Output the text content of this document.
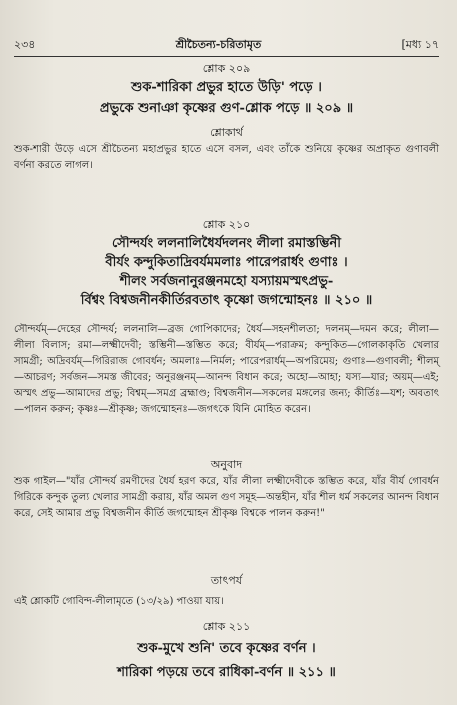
২৩৪	শ্রীচৈতন্য-চরিতামৃত	[মধ্য ১৭

শ্লোক ২০৯

শুক-শারিকা প্রভুর হাতে উড়ি' পড়ে ।

প্রভুকে শুনাঞা কৃষ্ণের গুণ-শ্লোক পড়ে ॥ ২০৯ ॥

শ্লোকার্থ

শুক-শারী উড়ে এসে শ্রীচৈতন্য মহাপ্রভুর হাতে এসে বসল, এবং তাঁকে শুনিয়ে কৃষ্ণের অপ্রাকৃত গুণাবলী বর্ণনা করতে লাগল।

শ্লোক ২১০

সৌন্দর্যং ললনালিধৈর্যদলনং লীলা রমাস্তম্ভিনী

বীর্যং কন্দুকিতাদ্রিবর্যমমলাঃ পারেপরার্ধং গুণাঃ ।

শীলং সর্বজনানুরঞ্জনমহো যস্যায়মস্মৎপ্রভু-

র্বিশ্বং বিশ্বজনীনকীর্তিরবতাৎ কৃষ্ণো জগন্মোহনঃ ॥ ২১০ ॥

সৌন্দর্যম্—দেহের সৌন্দর্য; ললনালি—ব্রজ গোপিকাদের; ধৈর্য—সহনশীলতা; দলনম্—দমন করে; লীলা—লীলা বিলাস; রমা—লক্ষ্মীদেবী; স্তম্ভিনী—স্তম্ভিত করে; বীর্যম্—পরাক্রম; কন্দুকিত—গোলকাকৃতি খেলার সামগ্রী; অদ্রিবর্যম্—গিরিরাজ গোবর্ধন; অমলাঃ—নির্মল; পারেপরার্ধম্—অপরিমেয়; গুণাঃ—গুণাবলী; শীলম্—আচরণ; সর্বজন—সমস্ত জীবের; অনুরঞ্জনম্—আনন্দ বিধান করে; অহো—আহা; যস্য—যার; অয়ম্—এই; অস্মৎ প্রভু—আমাদের প্রভু; বিশ্বম্—সমগ্র ব্রহ্মাণ্ড; বিশ্বজনীন—সকলের মঙ্গলের জন্য; কীর্তিঃ—যশ; অবতাৎ—পালন করুন; কৃষ্ণঃ—শ্রীকৃষ্ণ; জগন্মোহনঃ—জগৎকে যিনি মোহিত করেন।

অনুবাদ

শুক গাইল—"যাঁর সৌন্দর্য রমণীদের ধৈর্য হরণ করে, যাঁর লীলা লক্ষ্মীদেবীকে স্তম্ভিত করে, যাঁর বীর্য গোবর্ধন গিরিকে কন্দুক তুল্য খেলার সামগ্রী করায়, যাঁর অমল গুণ সমূহ—অন্তহীন, যাঁর শীল ধর্ম সকলের আনন্দ বিধান করে, সেই আমার প্রভু বিশ্বজনীন কীর্তি জগন্মোহন শ্রীকৃষ্ণ বিশ্বকে পালন করুন!"

তাৎপর্য

এই শ্লোকটি গোবিন্দ-লীলামৃতে (১৩/২৯) পাওয়া যায়।

শ্লোক ২১১

শুক-মুখে শুনি' তবে কৃষ্ণের বর্ণন ।

শারিকা পড়য়ে তবে রাধিকা-বর্ণন ॥ ২১১ ॥
